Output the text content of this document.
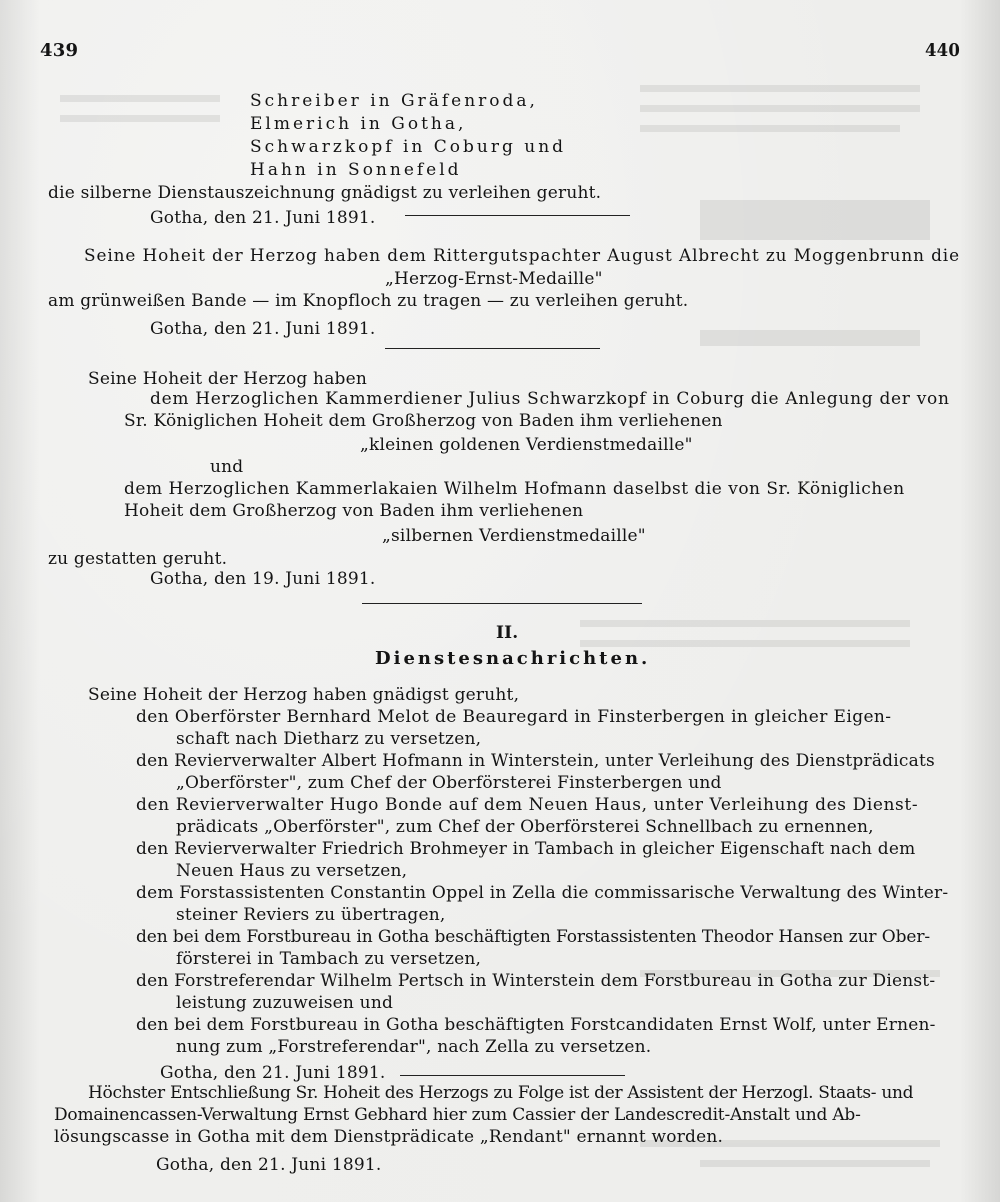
439	440
Schreiber in Gräfenroda,
Elmerich in Gotha,
Schwarzkopf in Coburg und
Hahn in Sonnefeld
die silberne Dienstauszeichnung gnädigst zu verleihen geruht.
Gotha, den 21. Juni 1891.
Seine Hoheit der Herzog haben dem Rittergutspachter August Albrecht zu Moggenbrunn die
„Herzog-Ernst-Medaille"
am grünweißen Bande — im Knopfloch zu tragen — zu verleihen geruht.
Gotha, den 21. Juni 1891.
Seine Hoheit der Herzog haben
dem Herzoglichen Kammerdiener Julius Schwarzkopf in Coburg die Anlegung der von
Sr. Königlichen Hoheit dem Großherzog von Baden ihm verliehenen
„kleinen goldenen Verdienstmedaille"
und
dem Herzoglichen Kammerlakaien Wilhelm Hofmann daselbst die von Sr. Königlichen
Hoheit dem Großherzog von Baden ihm verliehenen
„silbernen Verdienstmedaille"
zu gestatten geruht.
Gotha, den 19. Juni 1891.
II.
Dienstesnachrichten.
Seine Hoheit der Herzog haben gnädigst geruht,
den Oberförster Bernhard Melot de Beauregard in Finsterbergen in gleicher Eigen-
schaft nach Dietharz zu versetzen,
den Revierverwalter Albert Hofmann in Winterstein, unter Verleihung des Dienstprädicats
„Oberförster", zum Chef der Oberförsterei Finsterbergen und
den Revierverwalter Hugo Bonde auf dem Neuen Haus, unter Verleihung des Dienst-
prädicats „Oberförster", zum Chef der Oberförsterei Schnellbach zu ernennen,
den Revierverwalter Friedrich Brohmeyer in Tambach in gleicher Eigenschaft nach dem
Neuen Haus zu versetzen,
dem Forstassistenten Constantin Oppel in Zella die commissarische Verwaltung des Winter-
steiner Reviers zu übertragen,
den bei dem Forstbureau in Gotha beschäftigten Forstassistenten Theodor Hansen zur Ober-
försterei in Tambach zu versetzen,
den Forstreferendar Wilhelm Pertsch in Winterstein dem Forstbureau in Gotha zur Dienst-
leistung zuzuweisen und
den bei dem Forstbureau in Gotha beschäftigten Forstcandidaten Ernst Wolf, unter Ernen-
nung zum „Forstreferendar", nach Zella zu versetzen.
Gotha, den 21. Juni 1891.
Höchster Entschließung Sr. Hoheit des Herzogs zu Folge ist der Assistent der Herzogl. Staats- und
Domainencassen-Verwaltung Ernst Gebhard hier zum Cassier der Landescredit-Anstalt und Ab-
lösungscasse in Gotha mit dem Dienstprädicate „Rendant" ernannt worden.
Gotha, den 21. Juni 1891.
